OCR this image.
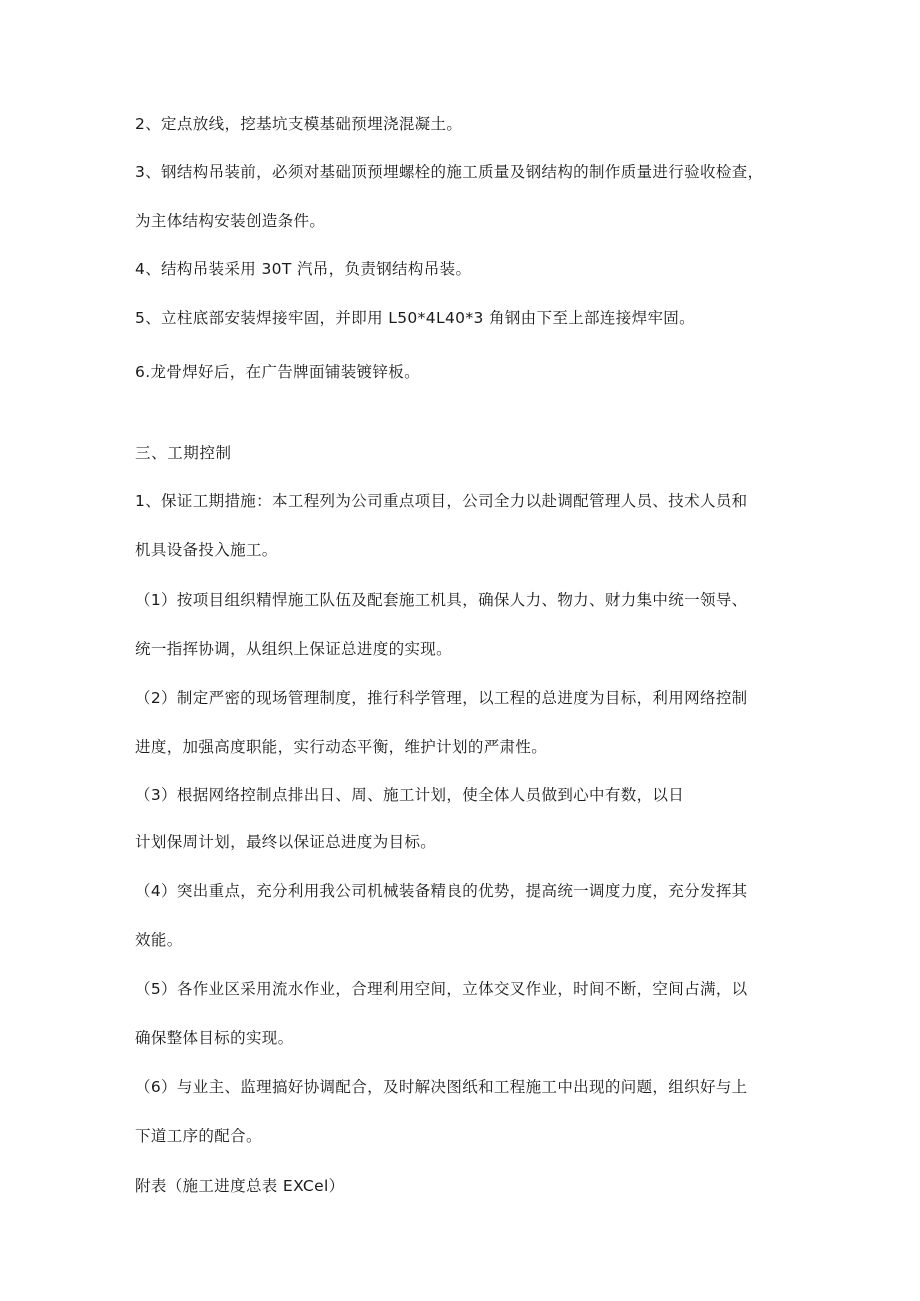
2、定点放线，挖基坑支模基础预埋浇混凝土。
3、钢结构吊装前，必须对基础顶预埋螺栓的施工质量及钢结构的制作质量进行验收检查，
为主体结构安装创造条件。
4、结构吊装采用 30T 汽吊，负责钢结构吊装。
5、立柱底部安装焊接牢固，并即用 L50*4L40*3 角钢由下至上部连接焊牢固。
6.龙骨焊好后，在广告牌面铺装镀锌板。
三、工期控制
1、保证工期措施：本工程列为公司重点项目，公司全力以赴调配管理人员、技术人员和
机具设备投入施工。
（1）按项目组织精悍施工队伍及配套施工机具，确保人力、物力、财力集中统一领导、
统一指挥协调，从组织上保证总进度的实现。
（2）制定严密的现场管理制度，推行科学管理，以工程的总进度为目标，利用网络控制
进度，加强高度职能，实行动态平衡，维护计划的严肃性。
（3）根据网络控制点排出日、周、施工计划，使全体人员做到心中有数，以日
计划保周计划，最终以保证总进度为目标。
（4）突出重点，充分利用我公司机械装备精良的优势，提高统一调度力度，充分发挥其
效能。
（5）各作业区采用流水作业，合理利用空间，立体交叉作业，时间不断，空间占满，以
确保整体目标的实现。
（6）与业主、监理搞好协调配合，及时解决图纸和工程施工中出现的问题，组织好与上
下道工序的配合。
附表（施工进度总表 EXCel）
